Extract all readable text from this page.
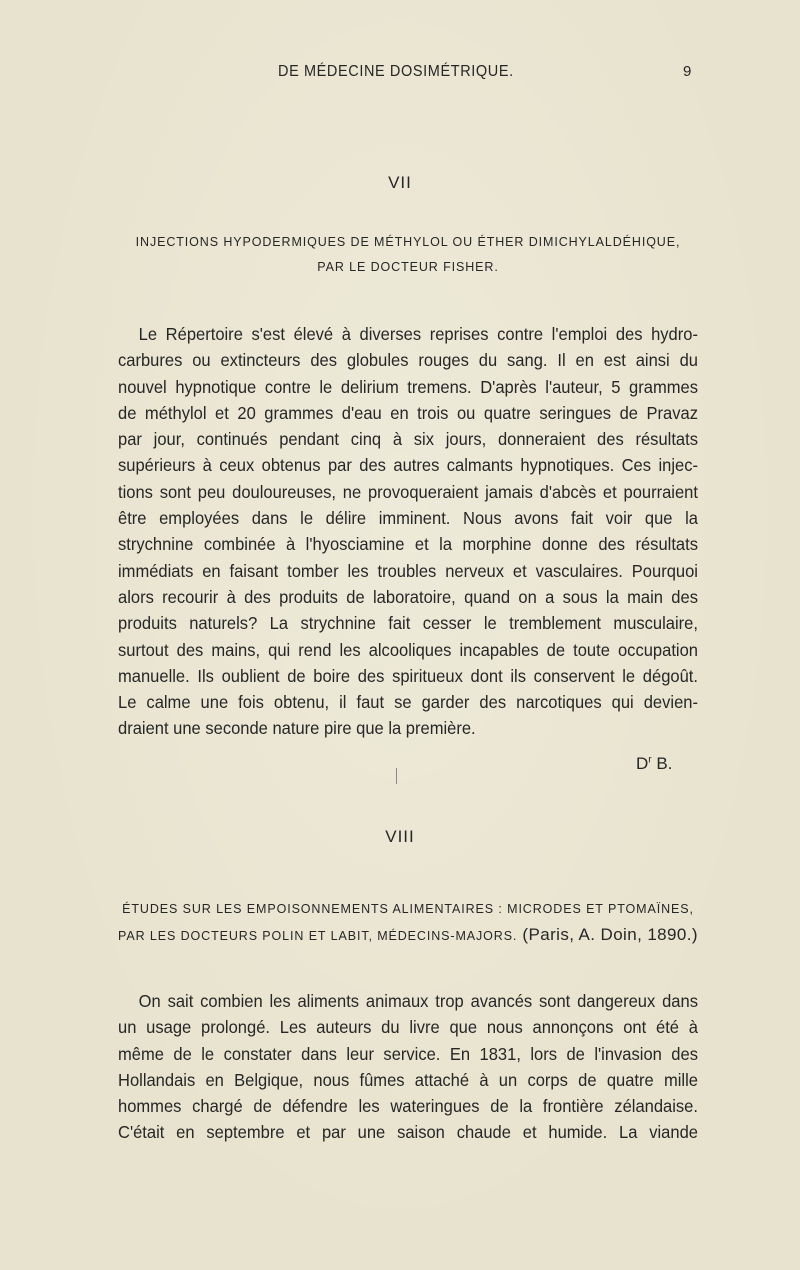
DE MÉDECINE DOSIMÉTRIQUE.	9
VII
INJECTIONS HYPODERMIQUES DE MÉTHYLOL OU ÉTHER DIMICHYLALDÉHIQUE,
PAR LE DOCTEUR FISHER.
Le Répertoire s'est élevé à diverses reprises contre l'emploi des hydro-
carbures ou extincteurs des globules rouges du sang. Il en est ainsi du
nouvel hypnotique contre le delirium tremens. D'après l'auteur, 5 grammes
de méthylol et 20 grammes d'eau en trois ou quatre seringues de Pravaz
par jour, continués pendant cinq à six jours, donneraient des résultats
supérieurs à ceux obtenus par des autres calmants hypnotiques. Ces injec-
tions sont peu douloureuses, ne provoqueraient jamais d'abcès et pourraient
être employées dans le délire imminent. Nous avons fait voir que la
strychnine combinée à l'hyosciamine et la morphine donne des résultats
immédiats en faisant tomber les troubles nerveux et vasculaires. Pourquoi
alors recourir à des produits de laboratoire, quand on a sous la main des
produits naturels? La strychnine fait cesser le tremblement musculaire,
surtout des mains, qui rend les alcooliques incapables de toute occupation
manuelle. Ils oublient de boire des spiritueux dont ils conservent le dégoût.
Le calme une fois obtenu, il faut se garder des narcotiques qui devien-
draient une seconde nature pire que la première.
$D^r$ B.
VIII
ÉTUDES SUR LES EMPOISONNEMENTS ALIMENTAIRES : MICRODES ET PTOMAÏNES,
PAR LES DOCTEURS POLIN ET LABIT, MÉDECINS-MAJORS. (Paris, A. Doin, 1890.)
On sait combien les aliments animaux trop avancés sont dangereux dans
un usage prolongé. Les auteurs du livre que nous annonçons ont été à
même de le constater dans leur service. En 1831, lors de l'invasion des
Hollandais en Belgique, nous fûmes attaché à un corps de quatre mille
hommes chargé de défendre les wateringues de la frontière zélandaise.
C'était en septembre et par une saison chaude et humide. La viande
